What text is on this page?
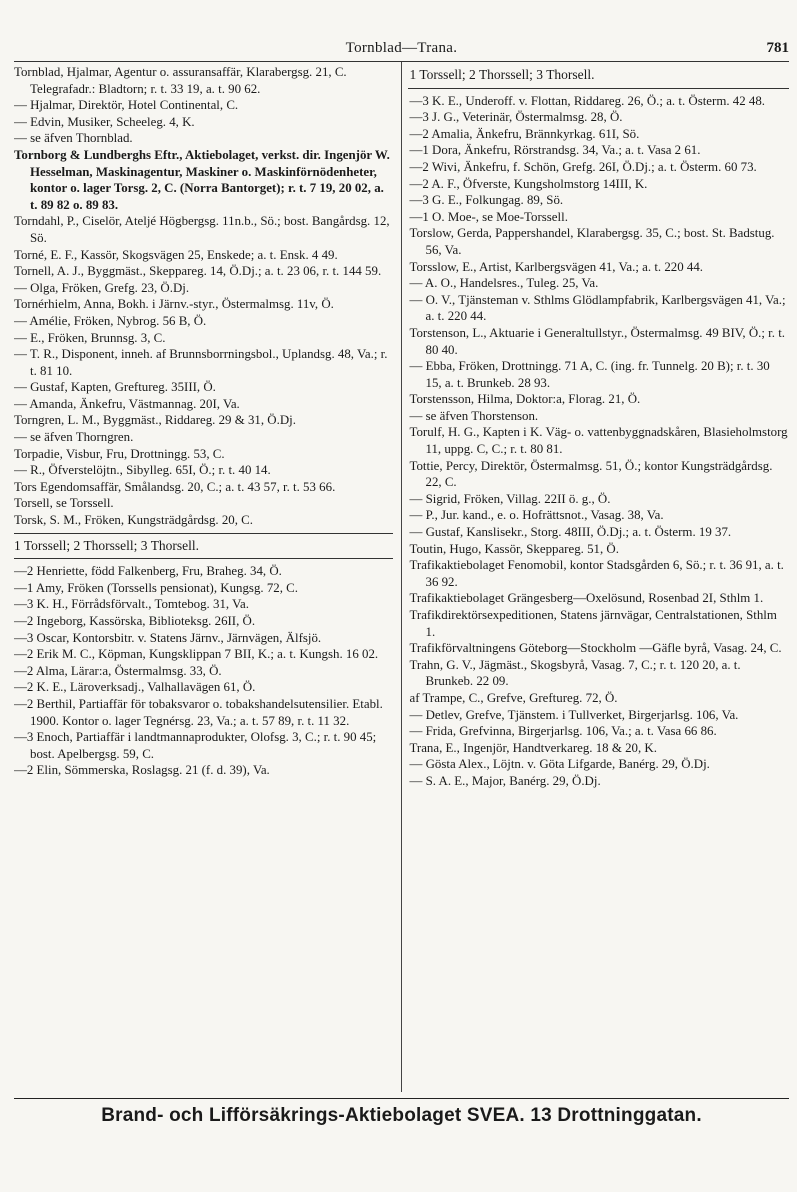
Tornblad—Trana.	781

Tornblad, Hjalmar, Agentur o. assuransaffär, Klarabergsg. 21, C. Telegrafadr.: Bladtorn; r. t. 33 19, a. t. 90 62.

— Hjalmar, Direktör, Hotel Continental, C.

— Edvin, Musiker, Scheeleg. 4, K.

— se äfven Thornblad.

Tornborg & Lundberghs Eftr., Aktiebolaget, verkst. dir. Ingenjör W. Hesselman, Maskinagentur, Maskiner o. Maskinförnödenheter, kontor o. lager Torsg. 2, C. (Norra Bantorget); r. t. 7 19, 20 02, a. t. 89 82 o. 89 83.

Torndahl, P., Ciselör, Ateljé Högbergsg. 11n.b., Sö.; bost. Bangårdsg. 12, Sö.

Torné, E. F., Kassör, Skogsvägen 25, Enskede; a. t. Ensk. 4 49.

Tornell, A. J., Byggmäst., Skeppareg. 14, Ö.Dj.; a. t. 23 06, r. t. 144 59.

— Olga, Fröken, Grefg. 23, Ö.Dj.

Tornérhielm, Anna, Bokh. i Järnv.-styr., Östermalmsg. 11v, Ö.

— Amélie, Fröken, Nybrog. 56 B, Ö.

— E., Fröken, Brunnsg. 3, C.

— T. R., Disponent, inneh. af Brunnsborrningsbol., Uplandsg. 48, Va.; r. t. 81 10.

— Gustaf, Kapten, Greftureg. 35III, Ö.

— Amanda, Änkefru, Västmannag. 20I, Va.

Torngren, L. M., Byggmäst., Riddareg. 29 & 31, Ö.Dj.

— se äfven Thorngren.

Torpadie, Visbur, Fru, Drottningg. 53, C.

— R., Öfverstelöjtn., Sibylleg. 65I, Ö.; r. t. 40 14.

Tors Egendomsaffär, Smålandsg. 20, C.; a. t. 43 57, r. t. 53 66.

Torsell, se Torssell.

Torsk, S. M., Fröken, Kungsträdgårdsg. 20, C.

1 Torssell; 2 Thorssell; 3 Thorsell.

—2 Henriette, född Falkenberg, Fru, Braheg. 34, Ö.

—1 Amy, Fröken (Torssells pensionat), Kungsg. 72, C.

—3 K. H., Förrådsförvalt., Tomtebog. 31, Va.

—2 Ingeborg, Kassörska, Biblioteksg. 26II, Ö.

—3 Oscar, Kontorsbitr. v. Statens Järnv., Järnvägen, Älfsjö.

—2 Erik M. C., Köpman, Kungsklippan 7 BII, K.; a. t. Kungsh. 16 02.

—2 Alma, Lärar:a, Östermalmsg. 33, Ö.

—2 K. E., Läroverksadj., Valhallavägen 61, Ö.

—2 Berthil, Partiaffär för tobaksvaror o. tobakshandelsutensilier. Etabl. 1900. Kontor o. lager Tegnérsg. 23, Va.; a. t. 57 89, r. t. 11 32.

—3 Enoch, Partiaffär i landtmannaprodukter, Olofsg. 3, C.; r. t. 90 45; bost. Apelbergsg. 59, C.

—2 Elin, Sömmerska, Roslagsg. 21 (f. d. 39), Va.

1 Torssell; 2 Thorssell; 3 Thorsell.

—3 K. E., Underoff. v. Flottan, Riddareg. 26, Ö.; a. t. Österm. 42 48.

—3 J. G., Veterinär, Östermalmsg. 28, Ö.

—2 Amalia, Änkefru, Brännkyrkag. 61I, Sö.

—1 Dora, Änkefru, Rörstrandsg. 34, Va.; a. t. Vasa 2 61.

—2 Wivi, Änkefru, f. Schön, Grefg. 26I, Ö.Dj.; a. t. Österm. 60 73.

—2 A. F., Öfverste, Kungsholmstorg 14III, K.

—3 G. E., Folkungag. 89, Sö.

—1 O. Moe-, se Moe-Torssell.

Torslow, Gerda, Pappershandel, Klarabergsg. 35, C.; bost. St. Badstug. 56, Va.

Torsslow, E., Artist, Karlbergsvägen 41, Va.; a. t. 220 44.

— A. O., Handelsres., Tuleg. 25, Va.

— O. V., Tjänsteman v. Sthlms Glödlampfabrik, Karlbergsvägen 41, Va.; a. t. 220 44.

Torstenson, L., Aktuarie i Generaltullstyr., Östermalmsg. 49 BIV, Ö.; r. t. 80 40.

— Ebba, Fröken, Drottningg. 71 A, C. (ing. fr. Tunnelg. 20 B); r. t. 30 15, a. t. Brunkeb. 28 93.

Torstensson, Hilma, Doktor:a, Florag. 21, Ö.

— se äfven Thorstenson.

Torulf, H. G., Kapten i K. Väg- o. vattenbyggnadskåren, Blasieholmstorg 11, uppg. C, C.; r. t. 80 81.

Tottie, Percy, Direktör, Östermalmsg. 51, Ö.; kontor Kungsträdgårdsg. 22, C.

— Sigrid, Fröken, Villag. 22II ö. g., Ö.

— P., Jur. kand., e. o. Hofrättsnot., Vasag. 38, Va.

— Gustaf, Kanslisekr., Storg. 48III, Ö.Dj.; a. t. Österm. 19 37.

Toutin, Hugo, Kassör, Skeppareg. 51, Ö.

Trafikaktiebolaget Fenomobil, kontor Stadsgården 6, Sö.; r. t. 36 91, a. t. 36 92.

Trafikaktiebolaget Grängesberg—Oxelösund, Rosenbad 2I, Sthlm 1.

Trafikdirektörsexpeditionen, Statens järnvägar, Centralstationen, Sthlm 1.

Trafikförvaltningens Göteborg—Stockholm —Gäfle byrå, Vasag. 24, C.

Trahn, G. V., Jägmäst., Skogsbyrå, Vasag. 7, C.; r. t. 120 20, a. t. Brunkeb. 22 09.

af Trampe, C., Grefve, Greftureg. 72, Ö.

— Detlev, Grefve, Tjänstem. i Tullverket, Birgerjarlsg. 106, Va.

— Frida, Grefvinna, Birgerjarlsg. 106, Va.; a. t. Vasa 66 86.

Trana, E., Ingenjör, Handtverkareg. 18 & 20, K.

— Gösta Alex., Löjtn. v. Göta Lifgarde, Banérg. 29, Ö.Dj.

— S. A. E., Major, Banérg. 29, Ö.Dj.

Brand- och Lifförsäkrings-Aktiebolaget SVEA. 13 Drottninggatan.
